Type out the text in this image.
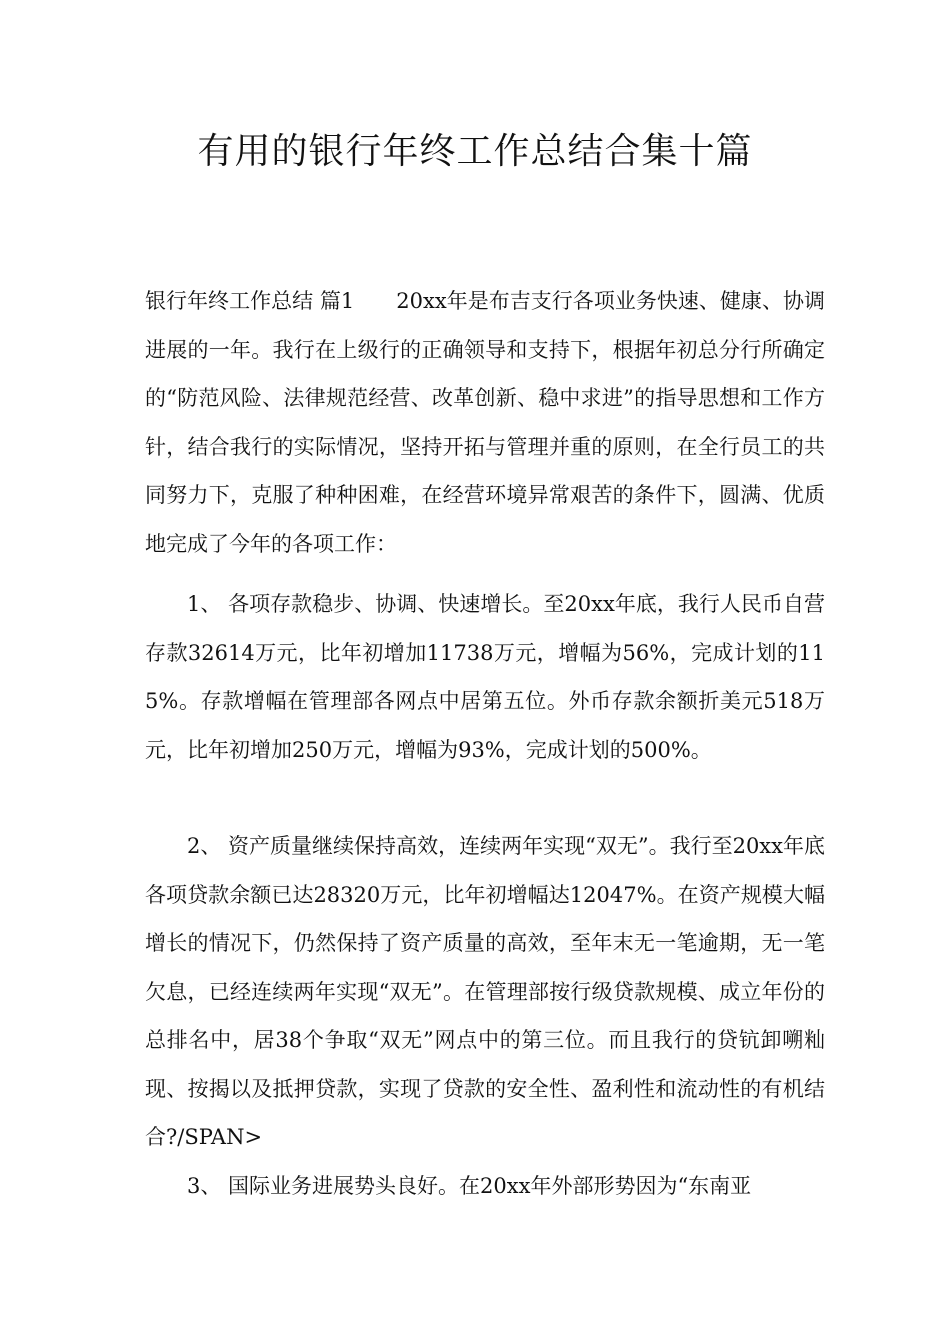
有用的银行年终工作总结合集十篇

银行年终工作总结 篇1　　20xx年是布吉支行各项业务快速、健康、协调进展的一年。我行在上级行的正确领导和支持下，根据年初总分行所确定的“防范风险、法律规范经营、改革创新、稳中求进”的指导思想和工作方针，结合我行的实际情况，坚持开拓与管理并重的原则，在全行员工的共同努力下，克服了种种困难，在经营环境异常艰苦的条件下，圆满、优质地完成了今年的各项工作：

1、 各项存款稳步、协调、快速增长。至20xx年底，我行人民币自营存款32614万元，比年初增加11738万元，增幅为56%，完成计划的115%。存款增幅在管理部各网点中居第五位。外币存款余额折美元518万元，比年初增加250万元，增幅为93%，完成计划的500%。

2、 资产质量继续保持高效，连续两年实现“双无”。我行至20xx年底各项贷款余额已达28320万元，比年初增幅达12047%。在资产规模大幅增长的情况下，仍然保持了资产质量的高效，至年末无一笔逾期，无一笔欠息，已经连续两年实现“双无”。在管理部按行级贷款规模、成立年份的总排名中，居38个争取“双无”网点中的第三位。而且我行的贷钪卸嗍籼现、按揭以及抵押贷款，实现了贷款的安全性、盈利性和流动性的有机结合?/SPAN>

3、 国际业务进展势头良好。在20xx年外部形势因为“东南亚
